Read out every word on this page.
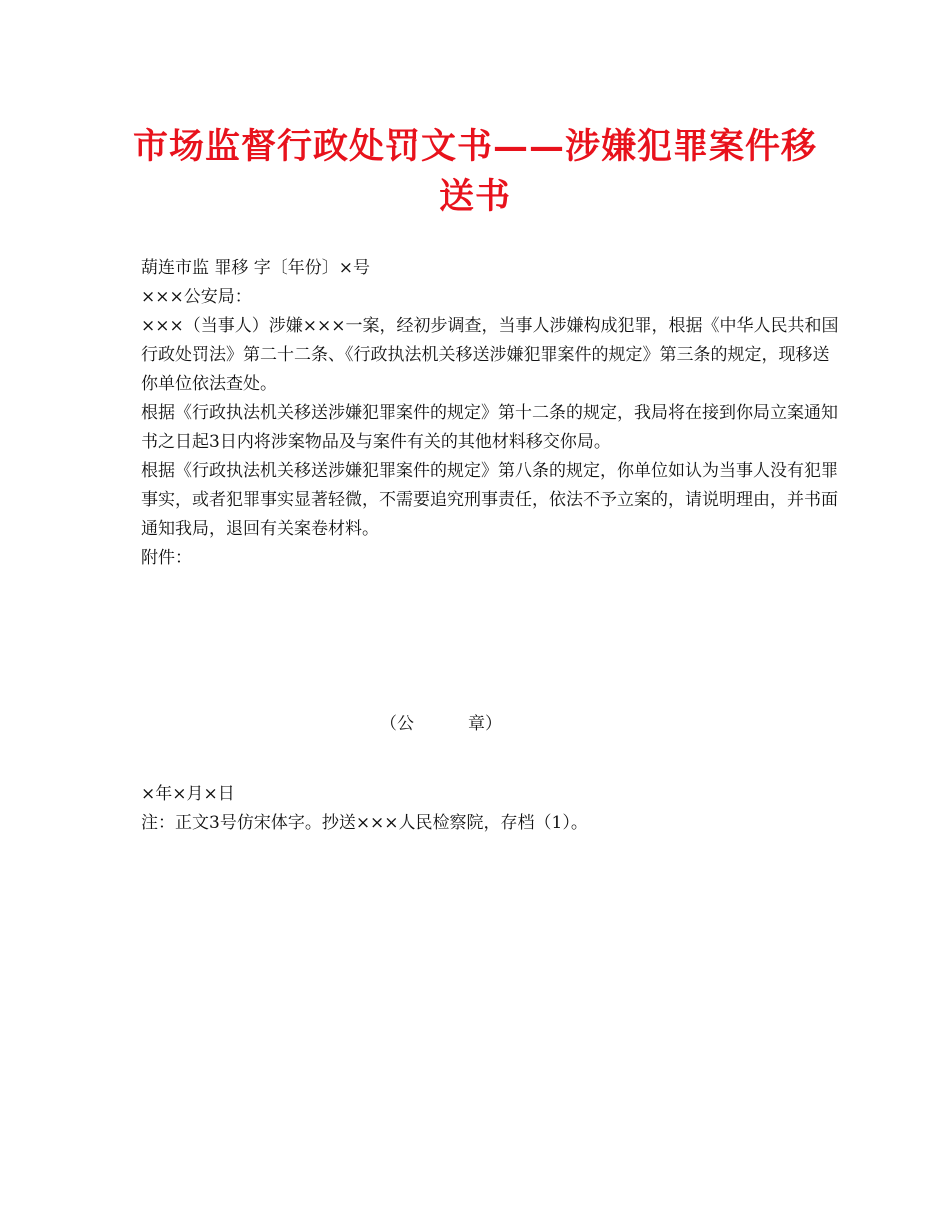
市场监督行政处罚文书——涉嫌犯罪案件移
送书

葫连市监 罪移 字〔年份〕×号

×××公安局：

×××（当事人）涉嫌×××一案，经初步调查，当事人涉嫌构成犯罪，根据《中华人民共和国行政处罚法》第二十二条、《行政执法机关移送涉嫌犯罪案件的规定》第三条的规定，现移送你单位依法查处。

根据《行政执法机关移送涉嫌犯罪案件的规定》第十二条的规定，我局将在接到你局立案通知书之日起3日内将涉案物品及与案件有关的其他材料移交你局。

根据《行政执法机关移送涉嫌犯罪案件的规定》第八条的规定，你单位如认为当事人没有犯罪事实，或者犯罪事实显著轻微，不需要追究刑事责任，依法不予立案的，请说明理由，并书面通知我局，退回有关案卷材料。

附件：

（公          章）

×年×月×日

注：正文3号仿宋体字。抄送×××人民检察院，存档（1）。
